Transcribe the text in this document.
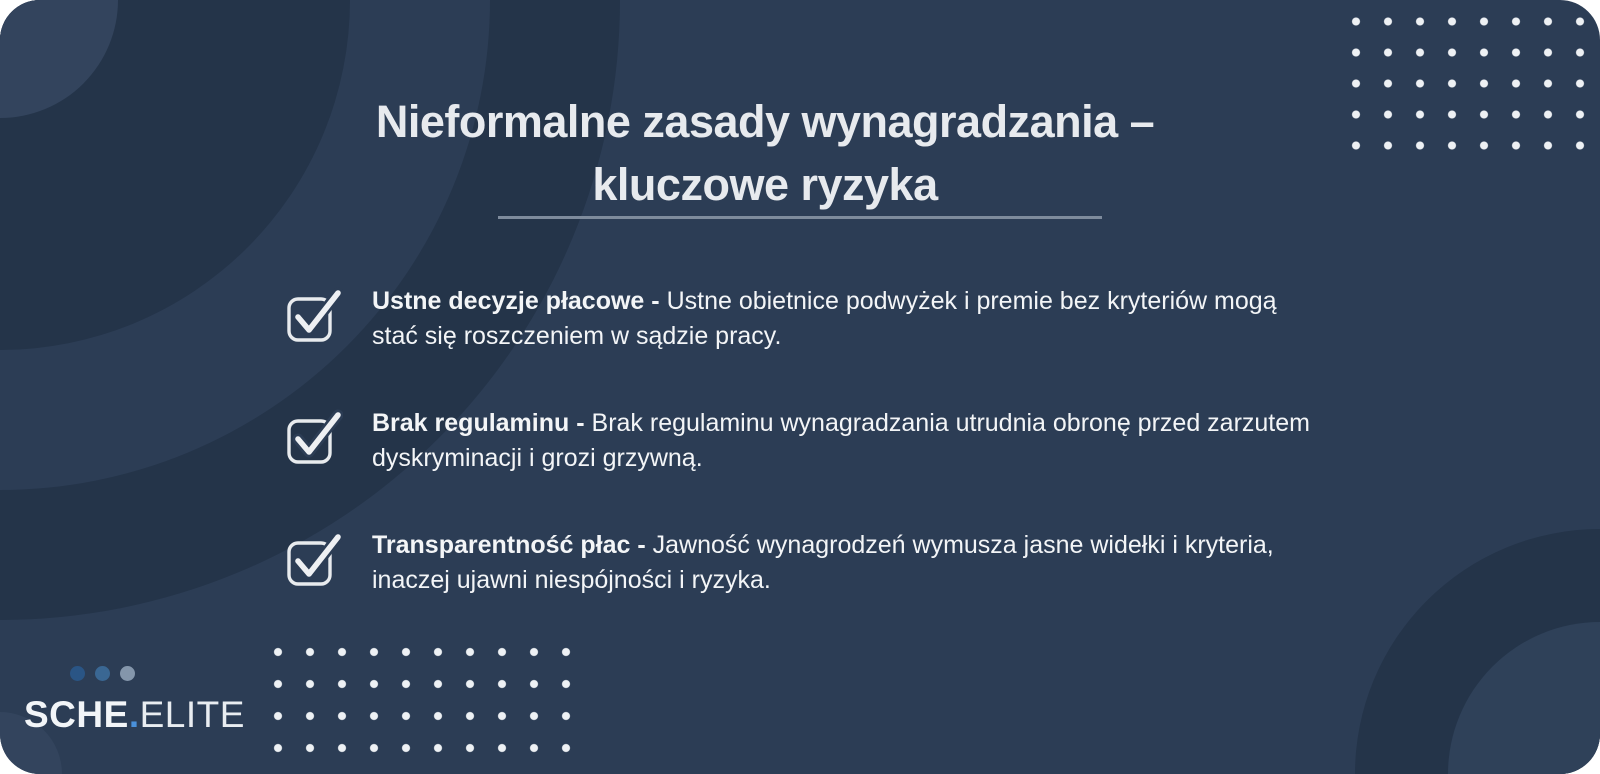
Nieformalne zasady wynagradzania –
kluczowe ryzyka

Ustne decyzje płacowe - Ustne obietnice podwyżek i premie bez kryteriów mogą stać się roszczeniem w sądzie pracy.

Brak regulaminu - Brak regulaminu wynagradzania utrudnia obronę przed zarzutem dyskryminacji i grozi grzywną.

Transparentność płac - Jawność wynagrodzeń wymusza jasne widełki i kryteria, inaczej ujawni niespójności i ryzyka.

SCHE.ELITE
